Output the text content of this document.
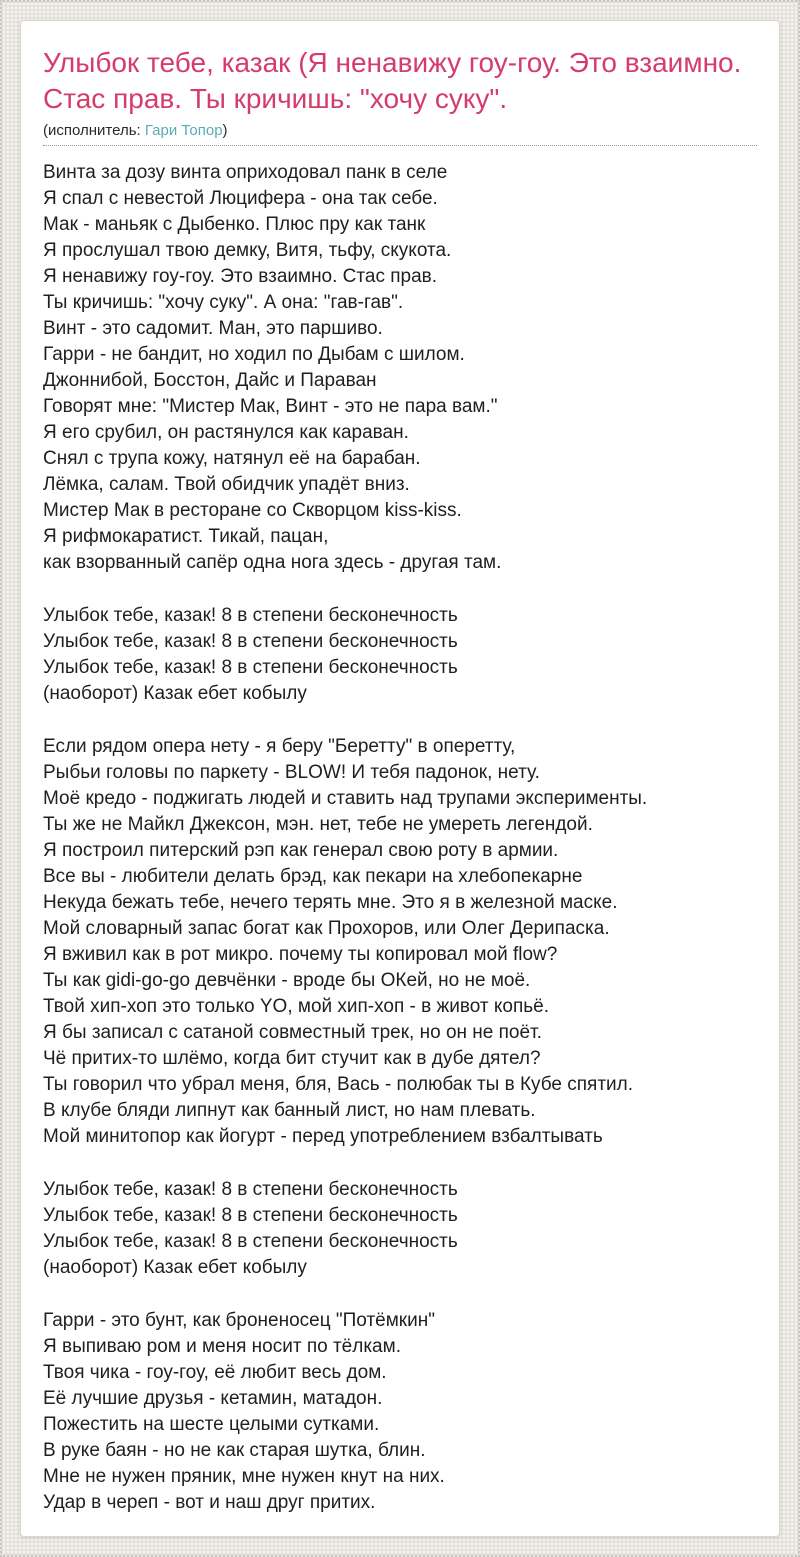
Улыбок тебе, казак (Я ненавижу гоу-гоу. Это взаимно. Стас прав. Ты кричишь: "хочу суку".
(исполнитель: Гари Топор)
Винта за дозу винта оприходовал панк в селе
Я спал с невестой Люцифера - она так себе.
Мак - маньяк с Дыбенко. Плюс пру как танк
Я прослушал твою демку, Витя, тьфу, скукота.
Я ненавижу гоу-гоу. Это взаимно. Стас прав.
Ты кричишь: "хочу суку". А она: "гав-гав".
Винт - это садомит. Ман, это паршиво.
Гарри - не бандит, но ходил по Дыбам с шилом.
Джоннибой, Босстон, Дайс и Параван
Говорят мне: "Мистер Мак, Винт - это не пара вам."
Я его срубил, он растянулся как караван.
Снял с трупа кожу, натянул её на барабан.
Лёмка, салам. Твой обидчик упадёт вниз.
Мистер Мак в ресторане со Скворцом kiss-kiss.
Я рифмокаратист. Тикай, пацан,
как взорванный сапёр одна нога здесь - другая там.
Улыбок тебе, казак! 8 в степени бесконечность
Улыбок тебе, казак! 8 в степени бесконечность
Улыбок тебе, казак! 8 в степени бесконечность
(наоборот) Казак ебет кобылу
Если рядом опера нету - я беру "Беретту" в оперетту,
Рыбьи головы по паркету - BLOW! И тебя падонок, нету.
Моё кредо - поджигать людей и ставить над трупами эксперименты.
Ты же не Майкл Джексон, мэн. нет, тебе не умереть легендой.
Я построил питерский рэп как генерал свою роту в армии.
Все вы - любители делать брэд, как пекари на хлебопекарне
Некуда бежать тебе, нечего терять мне. Это я в железной маске.
Мой словарный запас богат как Прохоров, или Олег Дерипаска.
Я вживил как в рот микро. почему ты копировал мой flow?
Ты как gidi-go-go девчёнки - вроде бы ОКей, но не моё.
Твой хип-хоп это только YO, мой хип-хоп - в живот копьё.
Я бы записал с сатаной совместный трек, но он не поёт.
Чё притих-то шлёмо, когда бит стучит как в дубе дятел?
Ты говорил что убрал меня, бля, Вась - полюбак ты в Кубе спятил.
В клубе бляди липнут как банный лист, но нам плевать.
Мой минитопор как йогурт - перед употреблением взбалтывать
Улыбок тебе, казак! 8 в степени бесконечность
Улыбок тебе, казак! 8 в степени бесконечность
Улыбок тебе, казак! 8 в степени бесконечность
(наоборот) Казак ебет кобылу
Гарри - это бунт, как броненосец "Потёмкин"
Я выпиваю ром и меня носит по тёлкам.
Твоя чика - гоу-гоу, её любит весь дом.
Её лучшие друзья - кетамин, матадон.
Пожестить на шесте целыми сутками.
В руке баян - но не как старая шутка, блин.
Мне не нужен пряник, мне нужен кнут на них.
Удар в череп - вот и наш друг притих.
